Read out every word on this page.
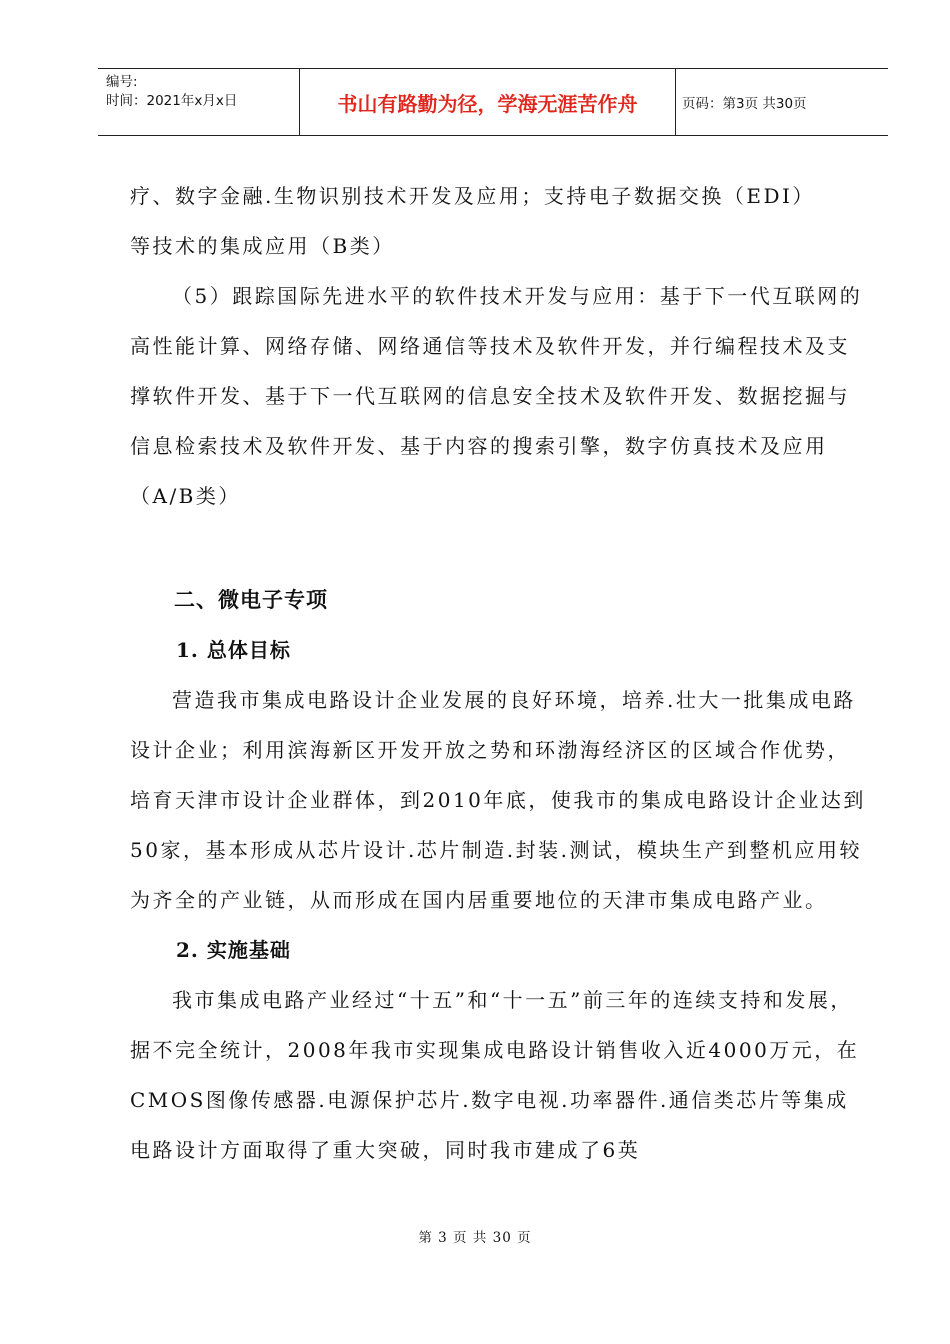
编号:
时间：2021年x月x日	书山有路勤为径，学海无涯苦作舟	页码：第3页 共30页

疗、数字金融.生物识别技术开发及应用；支持电子数据交换（EDI）

等技术的集成应用（B类）

（5）跟踪国际先进水平的软件技术开发与应用：基于下一代互联网的高性能计算、网络存储、网络通信等技术及软件开发，并行编程技术及支撑软件开发、基于下一代互联网的信息安全技术及软件开发、数据挖掘与信息检索技术及软件开发、基于内容的搜索引擎，数字仿真技术及应用（A/B类）

二、微电子专项

1. 总体目标

营造我市集成电路设计企业发展的良好环境，培养.壮大一批集成电路设计企业；利用滨海新区开发开放之势和环渤海经济区的区域合作优势，培育天津市设计企业群体，到2010年底，使我市的集成电路设计企业达到50家，基本形成从芯片设计.芯片制造.封装.测试，模块生产到整机应用较为齐全的产业链，从而形成在国内居重要地位的天津市集成电路产业。

2. 实施基础

我市集成电路产业经过“十五”和“十一五”前三年的连续支持和发展，据不完全统计，2008年我市实现集成电路设计销售收入近4000万元，在CMOS图像传感器.电源保护芯片.数字电视.功率器件.通信类芯片等集成电路设计方面取得了重大突破，同时我市建成了6英

第 3 页 共 30 页
